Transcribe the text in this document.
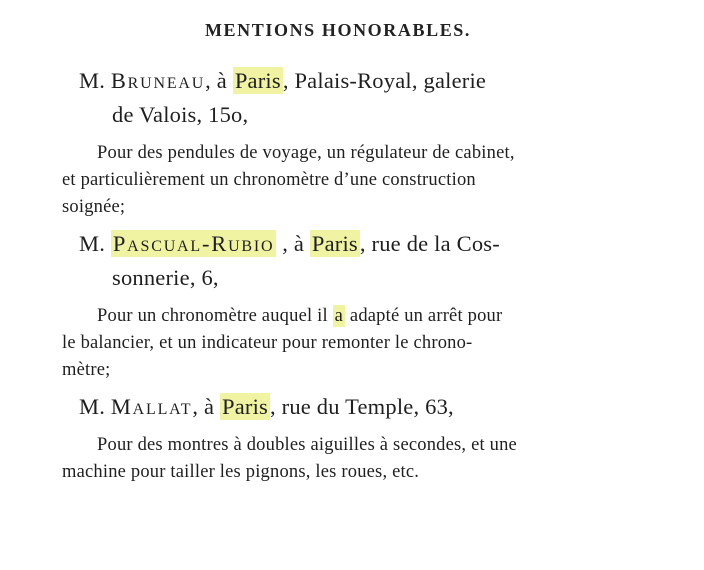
MENTIONS HONORABLES.
M. Bruneau, à Paris, Palais-Royal, galerie
de Valois, 15o,
Pour des pendules de voyage, un régulateur de cabinet,
et particulièrement un chronomètre d’une construction
soignée;
M. Pascual-Rubio , à Paris, rue de la Cos-
sonnerie, 6,
Pour un chronomètre auquel il a adapté un arrêt pour
le balancier, et un indicateur pour remonter le chrono-
mètre;
M. Mallat, à Paris, rue du Temple, 63,
Pour des montres à doubles aiguilles à secondes, et une
machine pour tailler les pignons, les roues, etc.
